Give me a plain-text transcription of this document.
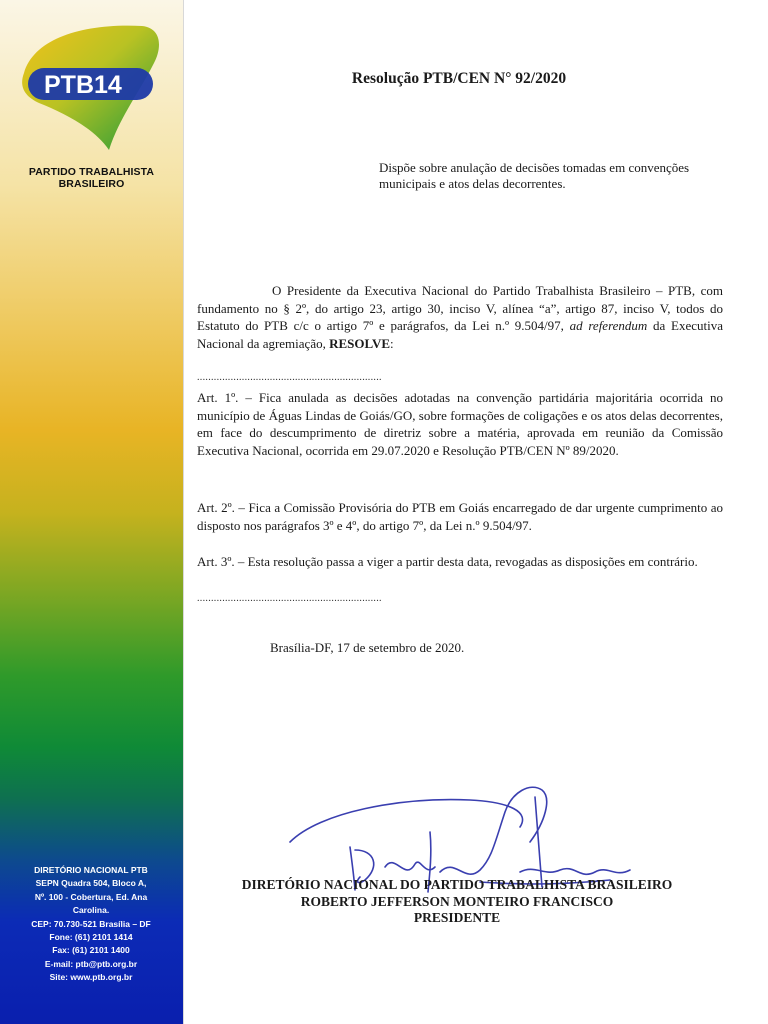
PTB14
PARTIDO TRABALHISTA BRASILEIRO
DIRETÓRIO NACIONAL PTB
SEPN Quadra 504, Bloco A,
Nº. 100 - Cobertura, Ed. Ana
Carolina.
CEP: 70.730-521 Brasília – DF
Fone: (61) 2101 1414
Fax: (61) 2101 1400
E-mail: ptb@ptb.org.br
Site: www.ptb.org.br
Resolução PTB/CEN N° 92/2020
Dispõe sobre anulação de decisões tomadas em convenções municipais e atos delas decorrentes.
O Presidente da Executiva Nacional do Partido Trabalhista Brasileiro – PTB, com fundamento no § 2º, do artigo 23, artigo 30, inciso V, alínea “a”, artigo 87, inciso V, todos do Estatuto do PTB c/c o artigo 7º e parágrafos, da Lei n.º 9.504/97, ad referendum da Executiva Nacional da agremiação, RESOLVE:
..................................................................
Art. 1º. – Fica anulada as decisões adotadas na convenção partidária majoritária ocorrida no município de Águas Lindas de Goiás/GO, sobre formações de coligações e os atos delas decorrentes, em face do descumprimento de diretriz sobre a matéria, aprovada em reunião da Comissão Executiva Nacional, ocorrida em 29.07.2020 e Resolução PTB/CEN Nº 89/2020.
Art. 2º. – Fica a Comissão Provisória do PTB em Goiás encarregado de dar urgente cumprimento ao disposto nos parágrafos 3º e 4º, do artigo 7º, da Lei n.º 9.504/97.
Art. 3º. – Esta resolução passa a viger a partir desta data, revogadas as disposições em contrário.
..................................................................
Brasília-DF, 17 de setembro de 2020.
DIRETÓRIO NACIONAL DO PARTIDO TRABALHISTA BRASILEIRO
ROBERTO JEFFERSON MONTEIRO FRANCISCO
PRESIDENTE
